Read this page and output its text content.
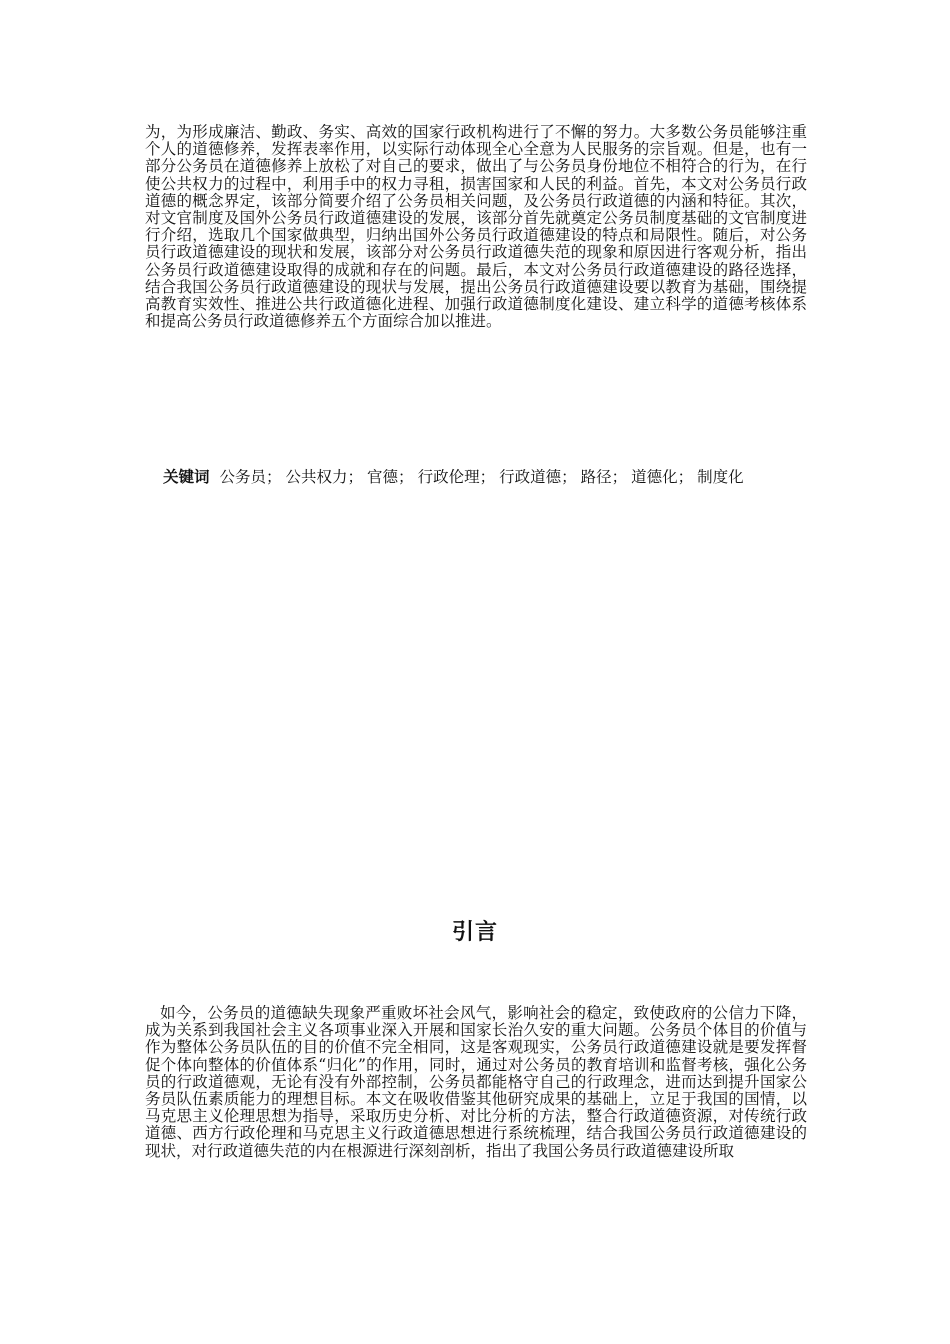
为，为形成廉洁、勤政、务实、高效的国家行政机构进行了不懈的努力。大多数公务员能够注重个人的道德修养，发挥表率作用，以实际行动体现全心全意为人民服务的宗旨观。但是，也有一部分公务员在道德修养上放松了对自己的要求，做出了与公务员身份地位不相符合的行为，在行使公共权力的过程中，利用手中的权力寻租，损害国家和人民的利益。首先，本文对公务员行政道德的概念界定，该部分简要介绍了公务员相关问题，及公务员行政道德的内涵和特征。其次，对文官制度及国外公务员行政道德建设的发展，该部分首先就奠定公务员制度基础的文官制度进行介绍，选取几个国家做典型，归纳出国外公务员行政道德建设的特点和局限性。随后，对公务员行政道德建设的现状和发展，该部分对公务员行政道德失范的现象和原因进行客观分析，指出公务员行政道德建设取得的成就和存在的问题。最后，本文对公务员行政道德建设的路径选择，结合我国公务员行政道德建设的现状与发展，提出公务员行政道德建设要以教育为基础，围绕提高教育实效性、推进公共行政道德化进程、加强行政道德制度化建设、建立科学的道德考核体系和提高公务员行政道德修养五个方面综合加以推进。

关键词 公务员； 公共权力； 官德； 行政伦理； 行政道德； 路径； 道德化； 制度化

引言

如今，公务员的道德缺失现象严重败坏社会风气，影响社会的稳定，致使政府的公信力下降，成为关系到我国社会主义各项事业深入开展和国家长治久安的重大问题。公务员个体目的价值与作为整体公务员队伍的目的价值不完全相同，这是客观现实，公务员行政道德建设就是要发挥督促个体向整体的价值体系“归化”的作用，同时，通过对公务员的教育培训和监督考核，强化公务员的行政道德观，无论有没有外部控制，公务员都能格守自己的行政理念，进而达到提升国家公务员队伍素质能力的理想目标。本文在吸收借鉴其他研究成果的基础上，立足于我国的国情，以马克思主义伦理思想为指导，采取历史分析、对比分析的方法，整合行政道德资源，对传统行政道德、西方行政伦理和马克思主义行政道德思想进行系统梳理，结合我国公务员行政道德建设的现状，对行政道德失范的内在根源进行深刻剖析，指出了我国公务员行政道德建设所取
